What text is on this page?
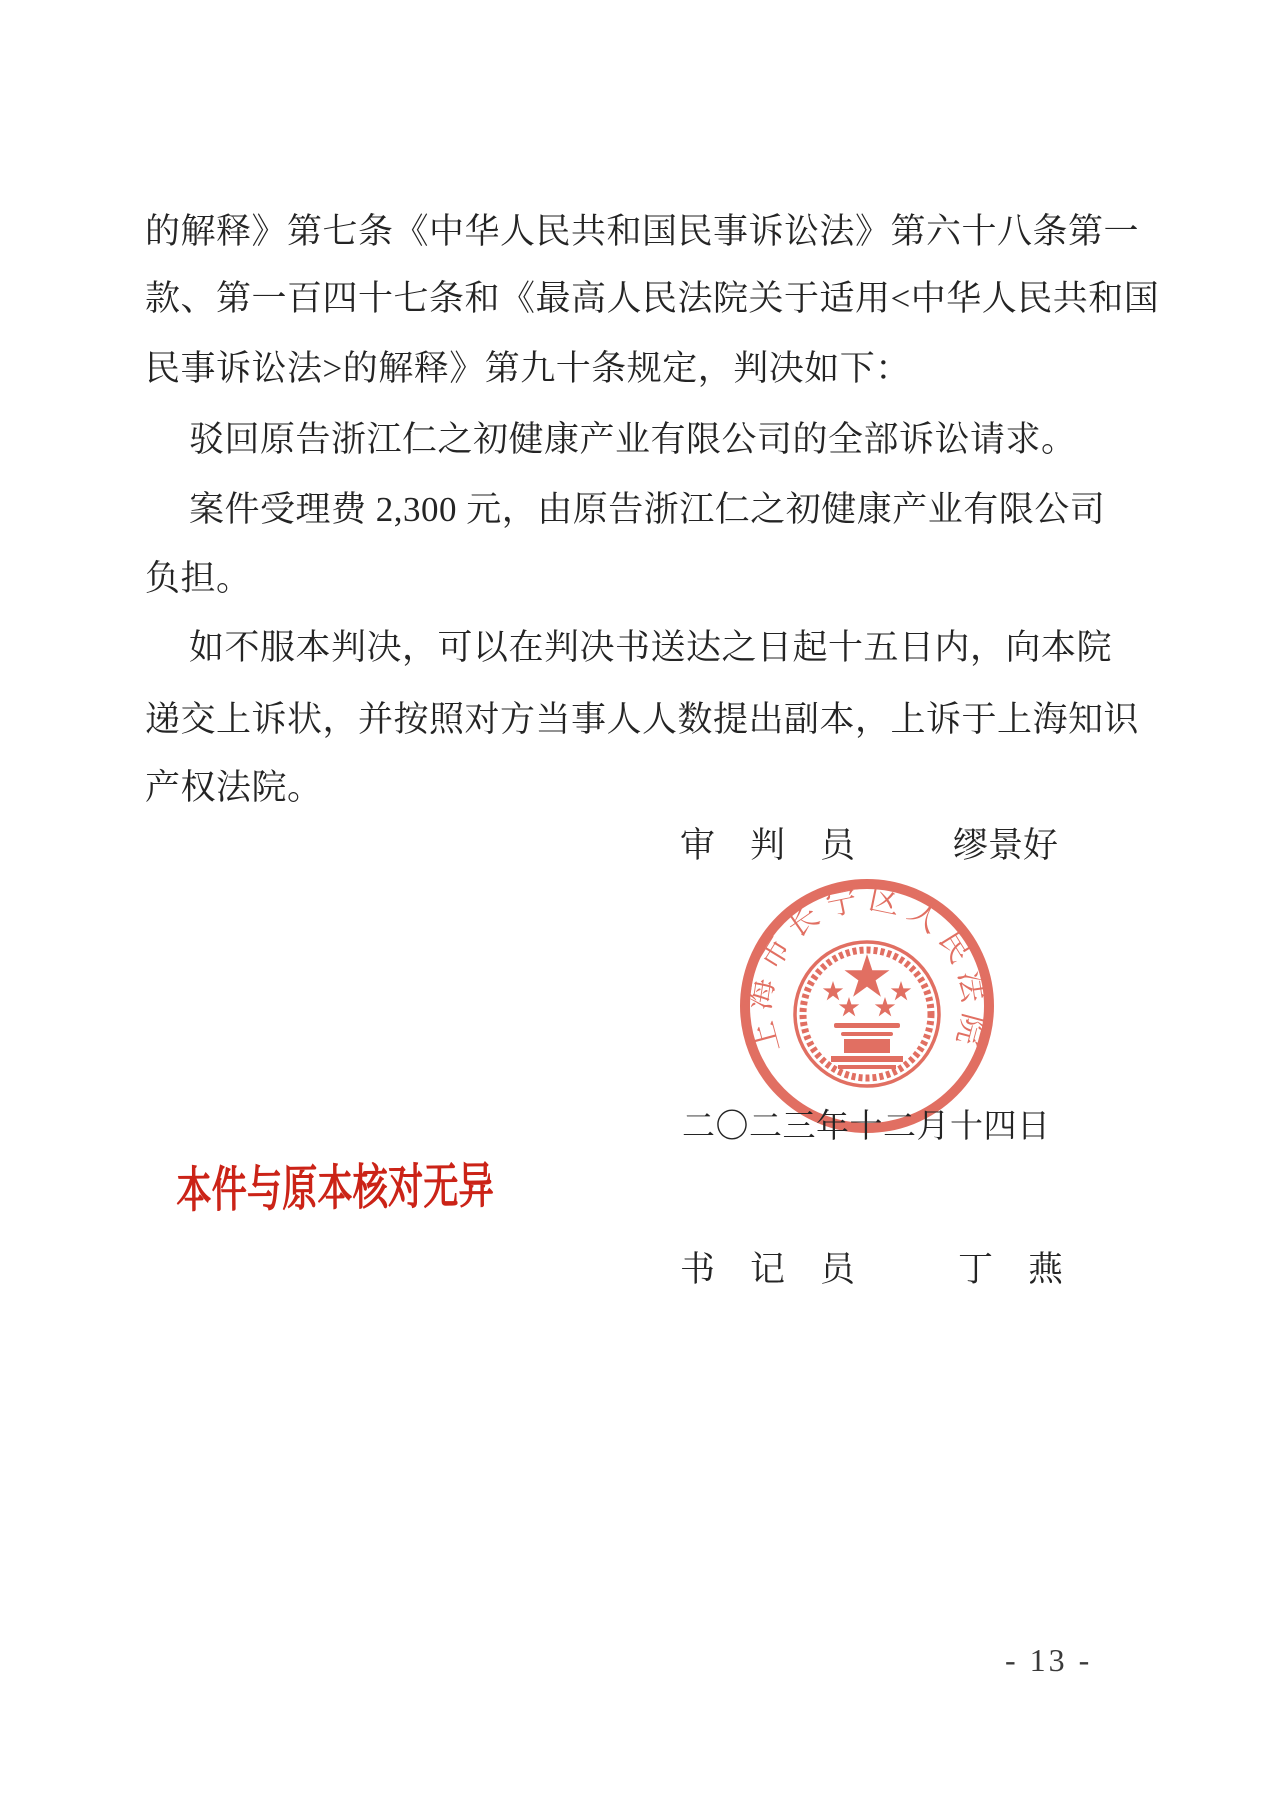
的解释》第七条《中华人民共和国民事诉讼法》第六十八条第一
款、第一百四十七条和《最高人民法院关于适用<中华人民共和国
民事诉讼法>的解释》第九十条规定，判决如下：
驳回原告浙江仁之初健康产业有限公司的全部诉讼请求。
案件受理费 2,300 元，由原告浙江仁之初健康产业有限公司
负担。
如不服本判决，可以在判决书送达之日起十五日内，向本院
递交上诉状，并按照对方当事人人数提出副本，上诉于上海知识
产权法院。
审　判　员	缪景好
上海市长宁区人民法院
二〇二三年十二月十四日
本件与原本核对无异
书　记　员	丁　燕
- 13 -
